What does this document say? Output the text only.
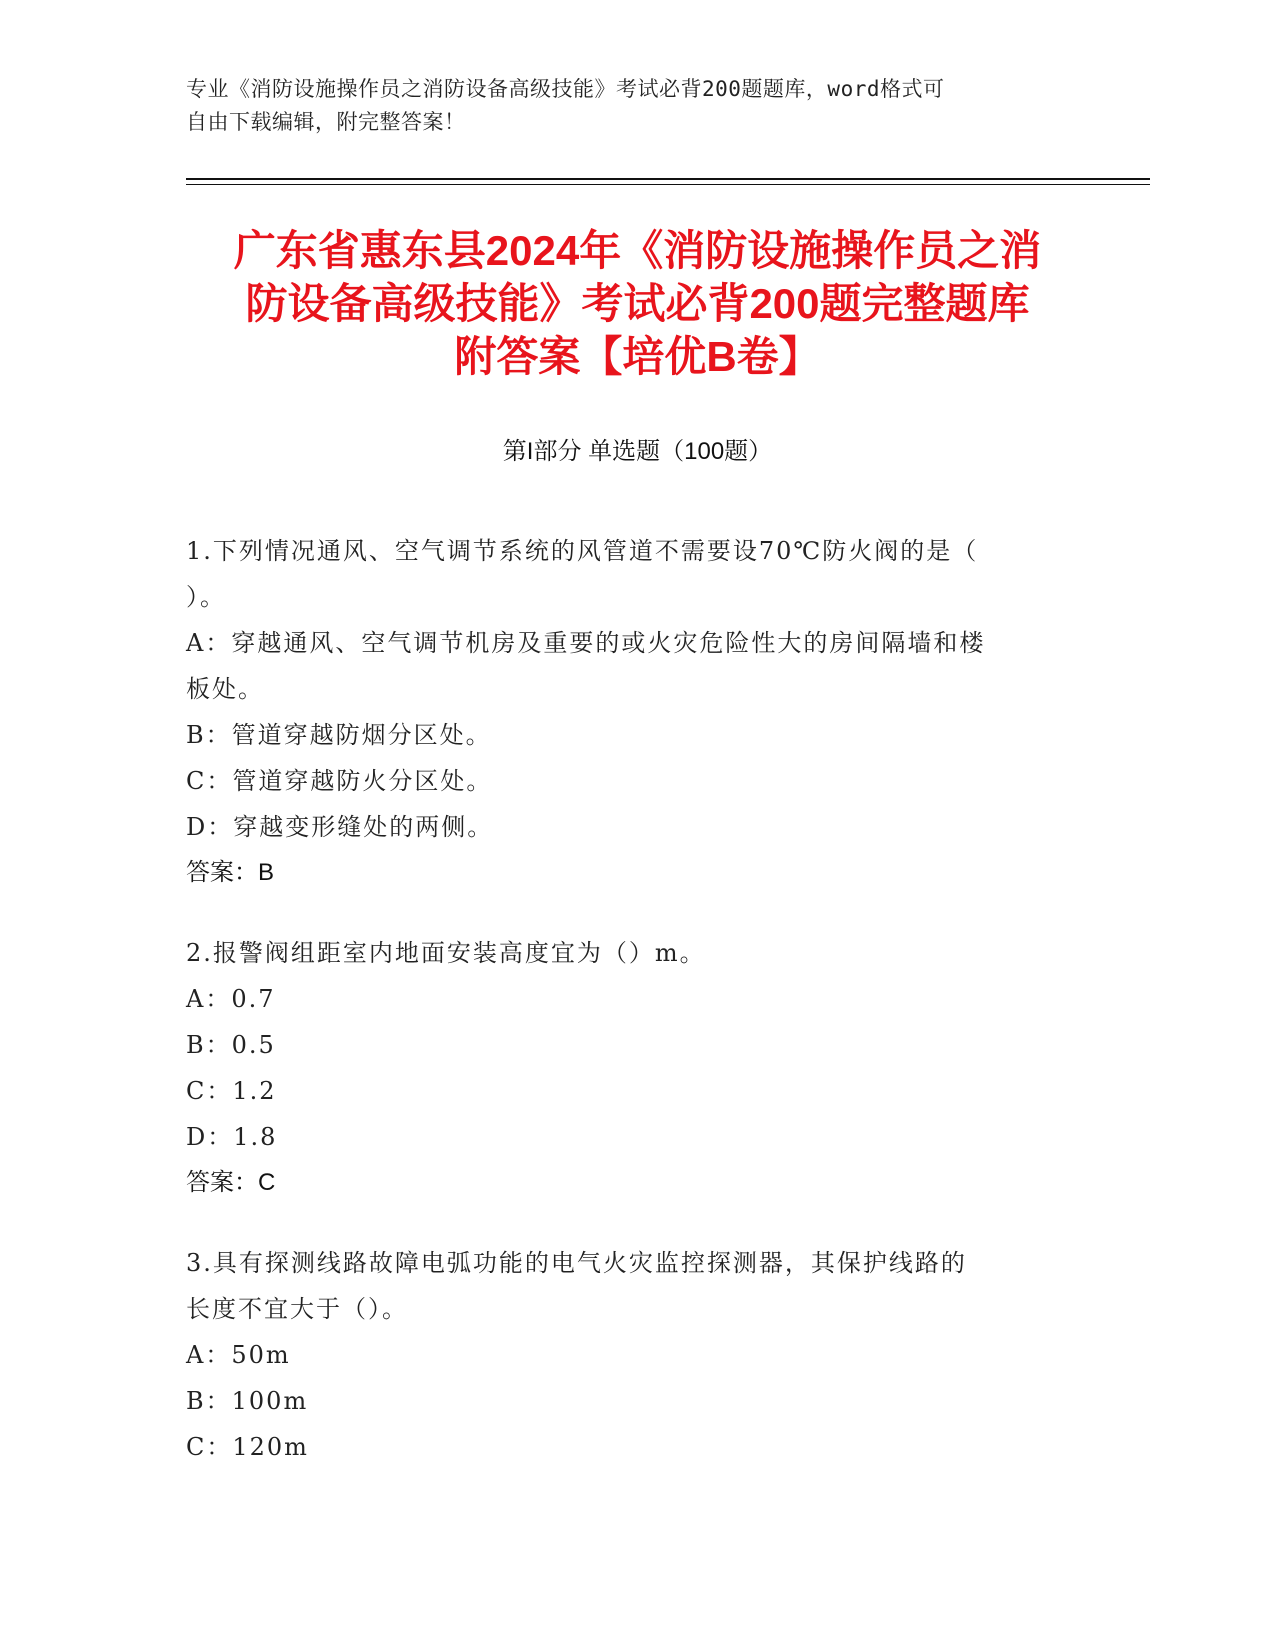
专业《消防设施操作员之消防设备高级技能》考试必背200题题库，word格式可
自由下载编辑，附完整答案！
广东省惠东县2024年《消防设施操作员之消
防设备高级技能》考试必背200题完整题库
附答案【培优B卷】
第I部分 单选题（100题）
1.下列情况通风、空气调节系统的风管道不需要设70℃防火阀的是（
）。
A：穿越通风、空气调节机房及重要的或火灾危险性大的房间隔墙和楼
板处。
B：管道穿越防烟分区处。
C：管道穿越防火分区处。
D：穿越变形缝处的两侧。
答案：B
2.报警阀组距室内地面安装高度宜为（）m。
A：0.7
B：0.5
C：1.2
D：1.8
答案：C
3.具有探测线路故障电弧功能的电气火灾监控探测器，其保护线路的
长度不宜大于（）。
A：50m
B：100m
C：120m
